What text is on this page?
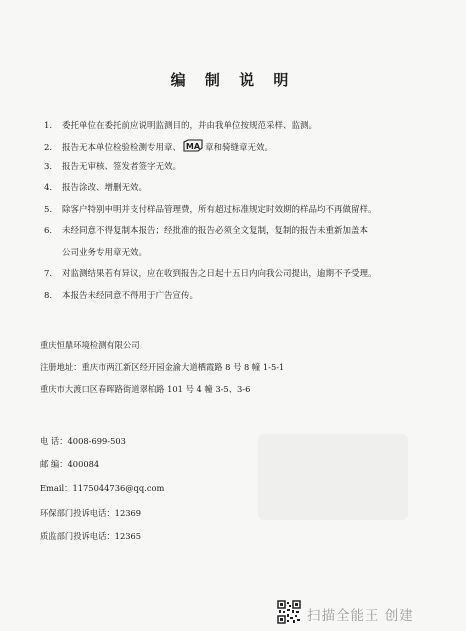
编 制 说 明
1. 委托单位在委托前应说明监测目的，并由我单位按规范采样、监测。
2. 报告无本单位检验检测专用章、 MA 章和骑缝章无效。
3. 报告无审核、签发者签字无效。
4. 报告涂改、增删无效。
5. 除客户特别申明并支付样品管理费，所有超过标准规定时效期的样品均不再做留样。
6. 未经同意不得复制本报告；经批准的报告必须全文复制，复制的报告未重新加盖本
公司业务专用章无效。
7. 对监测结果若有异议，应在收到报告之日起十五日内向我公司提出，逾期不予受理。
8. 本报告未经同意不得用于广告宣传。
重庆恒鼎环境检测有限公司
注册地址：重庆市两江新区经开园金渝大道栖霞路 8 号 8 幢 1-5-1
重庆市大渡口区春晖路街道翠柏路 101 号 4 幢 3-5、3-6
电 话：4008-699-503
邮 编：400084
Email：1175044736@qq.com
环保部门投诉电话：12369
质监部门投诉电话：12365
扫描全能王 创建
